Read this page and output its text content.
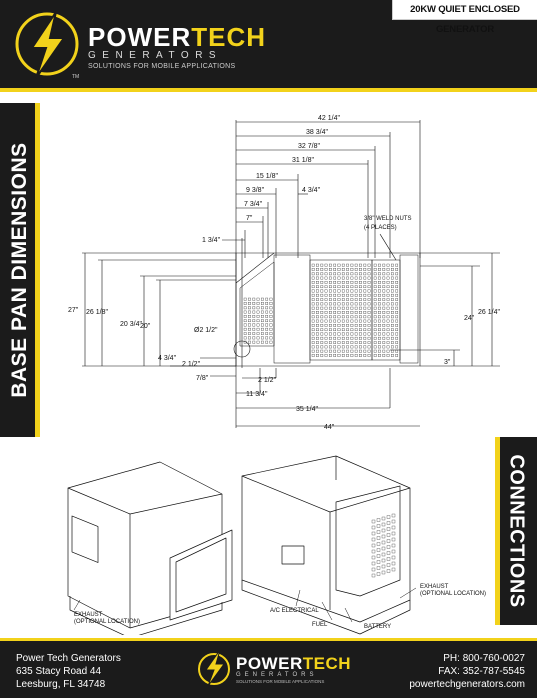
POWERTECH
GENERATORS
SOLUTIONS FOR MOBILE APPLICATIONS
TM
20KW QUIET ENCLOSED GENERATOR
BASE PAN DIMENSIONS
42 1/4"
38 3/4"
32 7/8"
31 1/8"
15 1/8"
9 3/8"	4 3/4"
7 3/4"
7"
1 3/4"
27" 26 1/8"
20 3/4"
20"
24"
26 1/4"
3"
2 1/2"
11 3/4"
35 1/4"
44"
Ø2 1/2"
4 3/4"
2 1/2"
7/8"
3/8" WELD NUTS
(4 PLACES)
CONNECTIONS
EXHAUST
(OPTIONAL LOCATION)
EXHAUST
(OPTIONAL LOCATION)
A/C ELECTRICAL
FUEL	BATTERY
Power Tech Generators
635 Stacy Road 44
Leesburg, FL 34748
POWERTECH
GENERATORS
SOLUTIONS FOR MOBILE APPLICATIONS
PH: 800-760-0027
FAX: 352-787-5545
powertechgenerators.com
